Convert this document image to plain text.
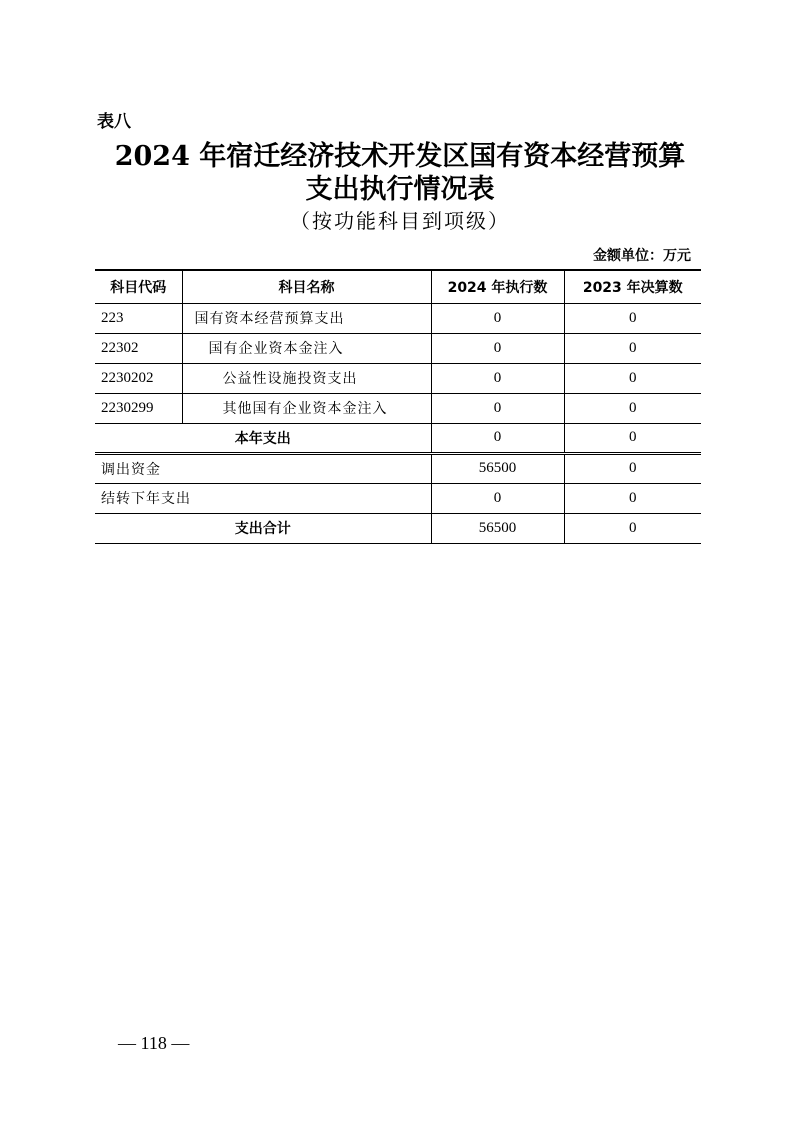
表八
2024 年宿迁经济技术开发区国有资本经营预算
支出执行情况表
（按功能科目到项级）
金额单位：万元
科目代码	科目名称	2024 年执行数	2023 年决算数
223	国有资本经营预算支出	0	0
22302	国有企业资本金注入	0	0
2230202	公益性设施投资支出	0	0
2230299	其他国有企业资本金注入	0	0
本年支出		0	0
调出资金		56500	0
结转下年支出		0	0
支出合计		56500	0
— 118 —
